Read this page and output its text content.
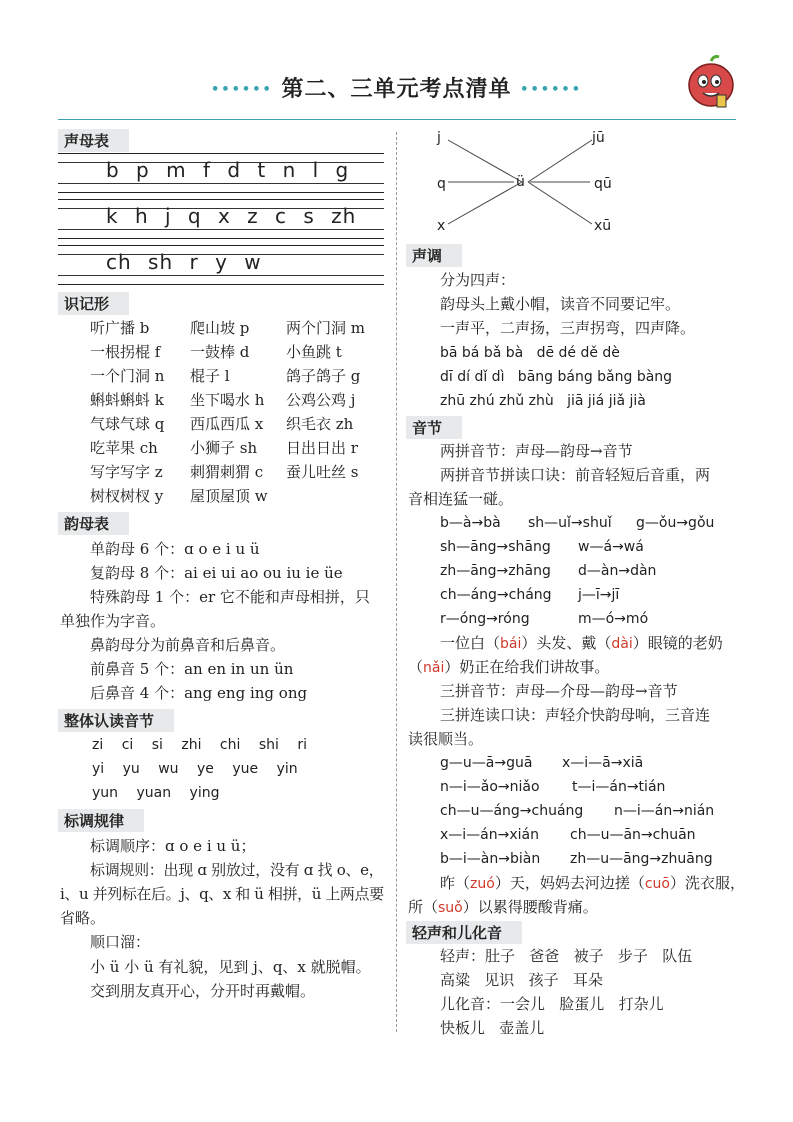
•••••• 第二、三单元考点清单 ••••••
声母表
b p m f d t n l g
k h j q x z c s zh
ch sh r y w
识记形
听广播 b	爬山坡 p 两个门洞 m
一根拐棍 f 一鼓棒 d 小鱼跳 t
一个门洞 n 棍子 l	鸽子鸽子 g
蝌蚪蝌蚪 k 坐下喝水 h 公鸡公鸡 j
气球气球 q 西瓜西瓜 x 织毛衣 zh
吃苹果 ch 小狮子 sh 日出日出 r
写字写字 z 刺猬刺猬 c 蚕儿吐丝 s
树杈树杈 y 屋顶屋顶 w
韵母表
单韵母 6 个：ɑ o e i u ü
复韵母 8 个：ai ei ui ao ou iu ie üe
特殊韵母 1 个：er 它不能和声母相拼，只
单独作为字音。
鼻韵母分为前鼻音和后鼻音。
前鼻音 5 个：an en in un ün
后鼻音 4 个：ang eng ing ong
整体认读音节
zi ci si zhi chi shi ri
yi yu wu ye yue yin
yun yuan ying
标调规律
标调顺序：ɑ o e i u ü；
标调规则：出现 ɑ 别放过，没有 ɑ 找 o、e，
i、u 并列标在后。j、q、x 和 ü 相拼，ü 上两点要
省略。
顺口溜：
小 ü 小 ü 有礼貌，见到 j、q、x 就脱帽。
交到朋友真开心，分开时再戴帽。
j
q
x
ü
jū
qū
xū
声调
分为四声：
韵母头上戴小帽，读音不同要记牢。
一声平，二声扬，三声拐弯，四声降。
bā bá bǎ bà   dē dé dě dè
dī dí dǐ dì   bāng báng bǎng bàng
zhū zhú zhǔ zhù   jiā jiá jiǎ jià
音节
两拼音节：声母—韵母→音节
两拼音节拼读口诀：前音轻短后音重，两
音相连猛一碰。
b—à→bà sh—uǐ→shuǐ g—ǒu→gǒu
sh—āng→shāng w—á→wá
zh—āng→zhāng d—àn→dàn
ch—áng→cháng j—ī→jī
r—óng→róng	m—ó→mó
一位白（bái）头发、戴（dài）眼镜的老奶
（nǎi）奶正在给我们讲故事。
三拼音节：声母—介母—韵母→音节
三拼连读口诀：声轻介快韵母响，三音连
读很顺当。
g—u—ā→guā x—i—ā→xiā
n—i—ǎo→niǎo t—i—án→tián
ch—u—áng→chuáng n—i—án→nián
x—i—án→xián ch—u—ān→chuān
b—i—àn→biàn zh—u—āng→zhuāng
昨（zuó）天，妈妈去河边搓（cuō）洗衣服，
所（suǒ）以累得腰酸背痛。
轻声和儿化音
轻声：肚子   爸爸   被子   步子   队伍
高粱   见识   孩子   耳朵
儿化音：一会儿   脸蛋儿   打杂儿
快板儿   壶盖儿
